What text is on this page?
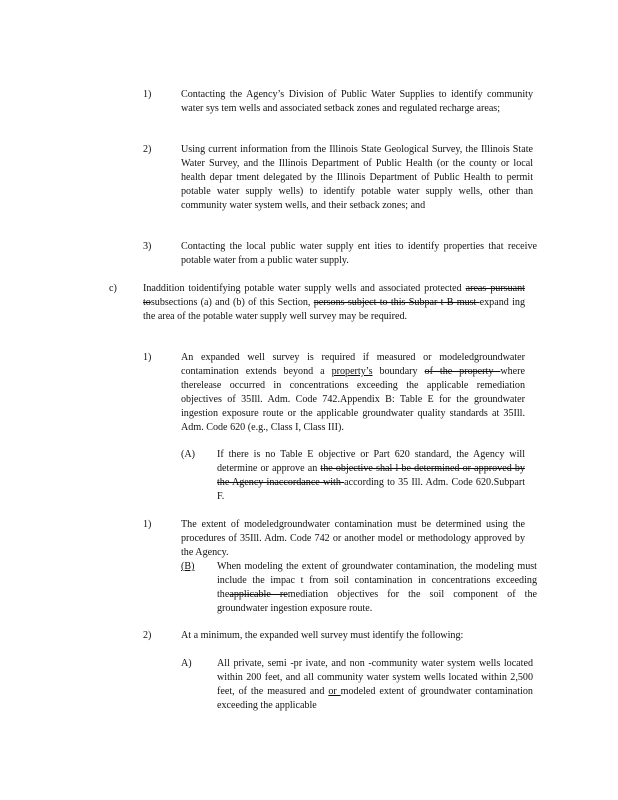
1)	Contacting the Agency’s Division of Public Water Supplies to identify community water sys tem wells and associated setback zones and regulated recharge areas;
2)	Using current information from the Illinois State Geological Survey, the Illinois State Water Survey, and the Illinois Department of Public Health (or the county or local health depar tment delegated by the Illinois Department of Public Health to permit potable water supply wells) to identify potable water supply wells, other than community water system wells, and their setback zones; and
3)	Contacting the local public water supply ent ities to identify properties that receive potable water from a public water supply.
c)	Inaddition toidentifying potable water supply wells and associated protected areas pursuant tosubsections (a) and (b) of this Section, persons subject to this Subpar t B must expand ing the area of the potable water supply well survey may be required.
1)	An expanded well survey is required if measured or modeledgroundwater contamination extends beyond a property’s boundary of the property where therelease occurred in concentrations exceeding the applicable remediation objectives of 35Ill. Adm. Code 742.Appendix B: Table E for the groundwater ingestion exposure route or the applicable groundwater quality standards at 35Ill. Adm. Code 620 (e.g., Class I, Class III).
(A) If there is no Table E objective or Part 620 standard, the Agency will determine or approve an the objective shal l be determined or approved by the Agency inaccordance with according to 35 Ill. Adm. Code 620.Subpart F.
1)	The extent of modeledgroundwater contamination must be determined using the procedures of 35Ill. Adm. Code 742 or another model or methodology approved by the Agency.
(B) When modeling the extent of groundwater contamination, the modeling must include the impac t from soil contamination in concentrations exceeding theapplicable remediation objectives for the soil component of the groundwater ingestion exposure route.
2)	At a minimum, the expanded well survey must identify the following:
A)	All private, semi -pr ivate, and non -community water system wells located within 200 feet, and all community water system wells located within 2,500 feet, of the measured and or modeled extent of groundwater contamination exceeding the applicable
